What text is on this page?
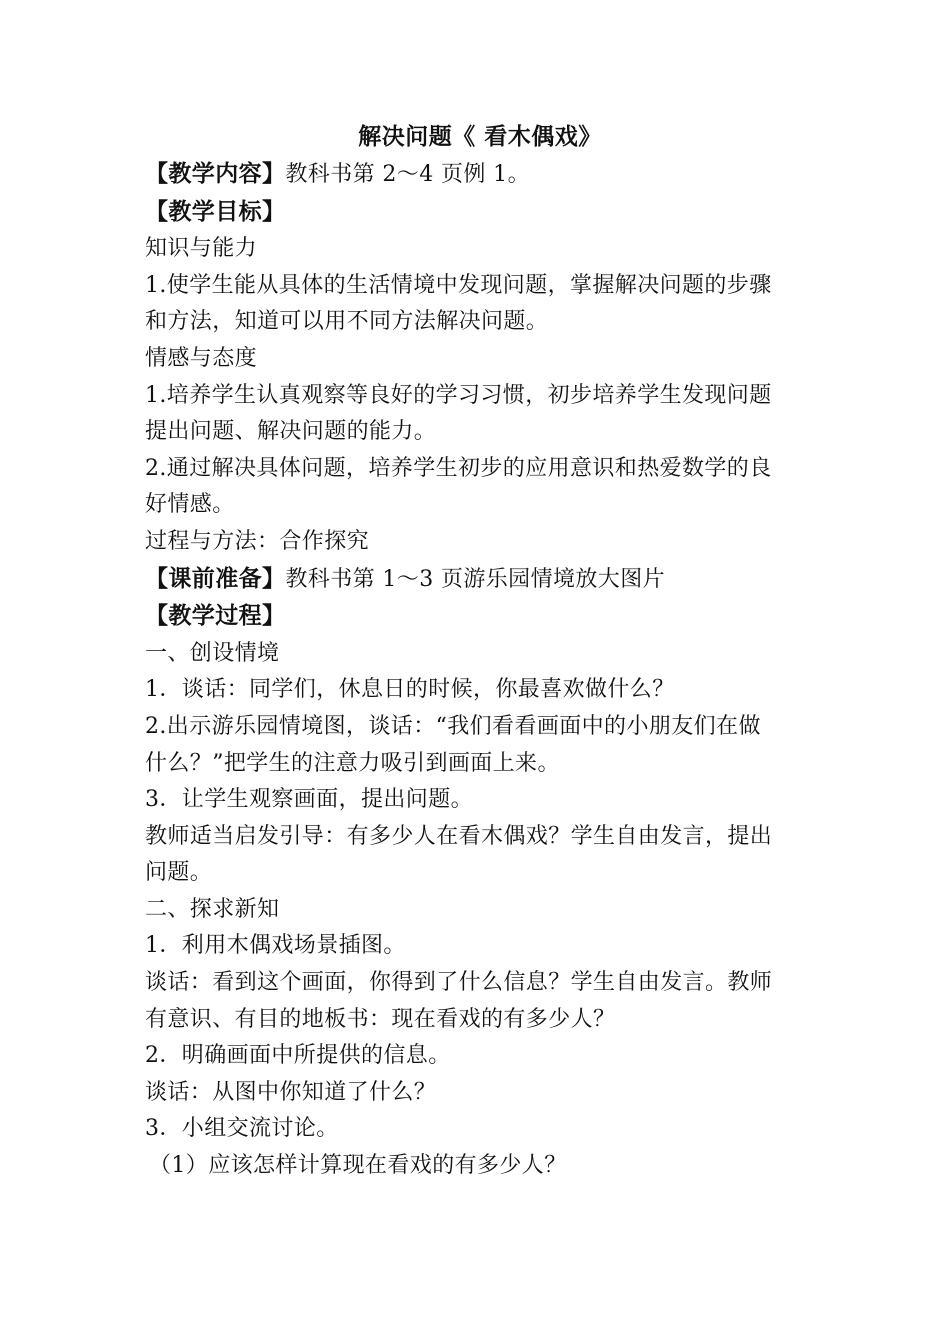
解决问题《 看木偶戏》
【教学内容】教科书第 2～4 页例 1。
【教学目标】
知识与能力
1.使学生能从具体的生活情境中发现问题，掌握解决问题的步骤
和方法，知道可以用不同方法解决问题。
情感与态度
1.培养学生认真观察等良好的学习习惯，初步培养学生发现问题
提出问题、解决问题的能力。
2.通过解决具体问题，培养学生初步的应用意识和热爱数学的良
好情感。
过程与方法：合作探究
【课前准备】教科书第 1～3 页游乐园情境放大图片
【教学过程】
一、创设情境
1．谈话：同学们，休息日的时候，你最喜欢做什么？
2.出示游乐园情境图，谈话：“我们看看画面中的小朋友们在做
什么？”把学生的注意力吸引到画面上来。
3．让学生观察画面，提出问题。
教师适当启发引导：有多少人在看木偶戏？学生自由发言，提出
问题。
二、探求新知
1．利用木偶戏场景插图。
谈话：看到这个画面，你得到了什么信息？学生自由发言。教师
有意识、有目的地板书：现在看戏的有多少人？
2．明确画面中所提供的信息。
谈话：从图中你知道了什么？
3．小组交流讨论。
（1）应该怎样计算现在看戏的有多少人？
